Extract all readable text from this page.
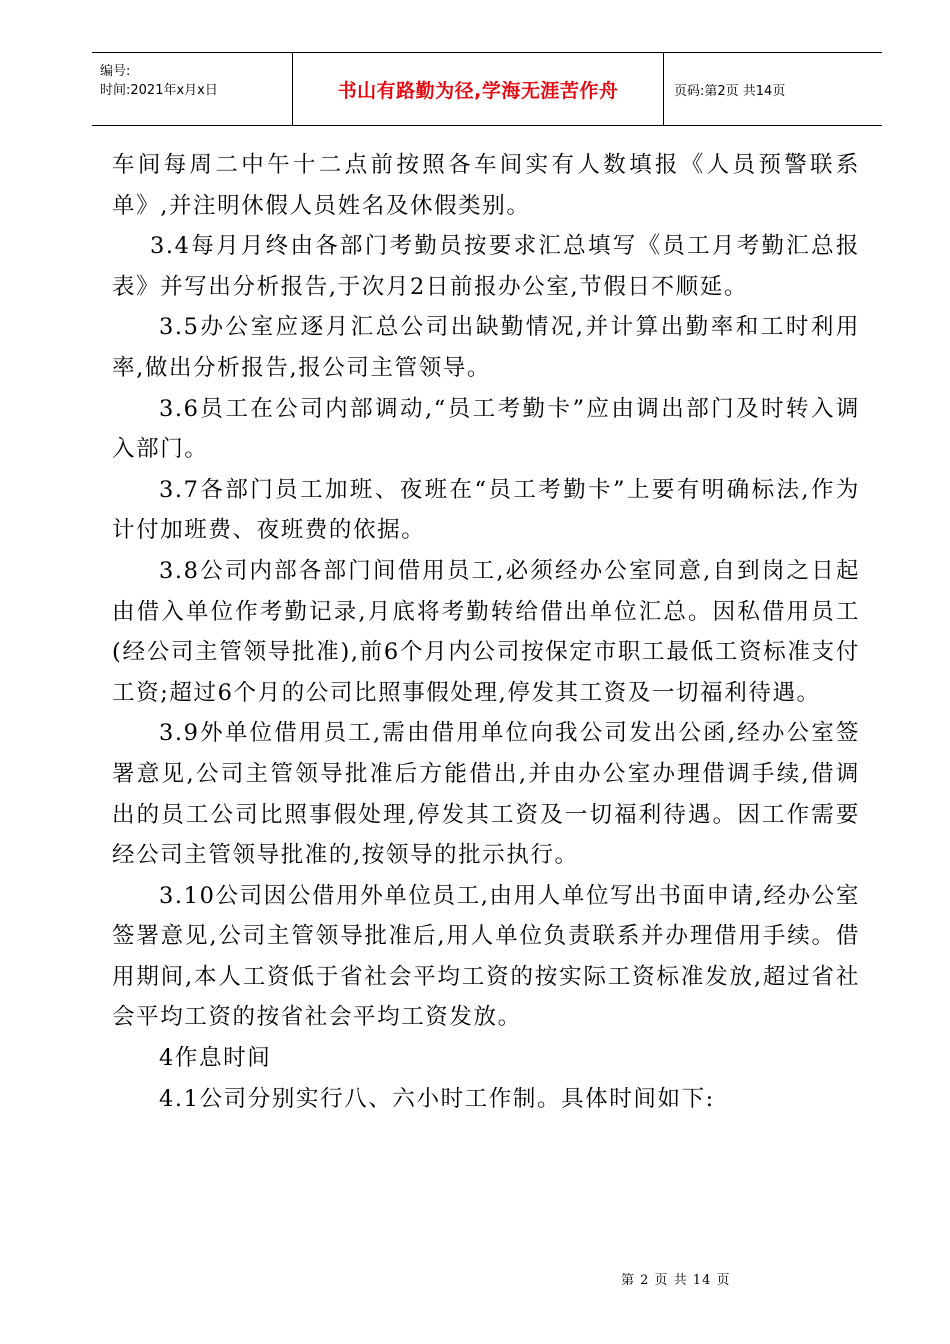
编号:
时间:2021年x月x日	书山有路勤为径,学海无涯苦作舟	页码:第2页 共14页

车间每周二中午十二点前按照各车间实有人数填报《人员预警联系单》,并注明休假人员姓名及休假类别。

3.4每月月终由各部门考勤员按要求汇总填写《员工月考勤汇总报表》并写出分析报告,于次月2日前报办公室,节假日不顺延。

3.5办公室应逐月汇总公司出缺勤情况,并计算出勤率和工时利用率,做出分析报告,报公司主管领导。

3.6员工在公司内部调动,“员工考勤卡”应由调出部门及时转入调入部门。

3.7各部门员工加班、夜班在“员工考勤卡”上要有明确标法,作为计付加班费、夜班费的依据。

3.8公司内部各部门间借用员工,必须经办公室同意,自到岗之日起由借入单位作考勤记录,月底将考勤转给借出单位汇总。因私借用员工(经公司主管领导批准),前6个月内公司按保定市职工最低工资标准支付工资;超过6个月的公司比照事假处理,停发其工资及一切福利待遇。

3.9外单位借用员工,需由借用单位向我公司发出公函,经办公室签署意见,公司主管领导批准后方能借出,并由办公室办理借调手续,借调出的员工公司比照事假处理,停发其工资及一切福利待遇。因工作需要经公司主管领导批准的,按领导的批示执行。

3.10公司因公借用外单位员工,由用人单位写出书面申请,经办公室签署意见,公司主管领导批准后,用人单位负责联系并办理借用手续。借用期间,本人工资低于省社会平均工资的按实际工资标准发放,超过省社会平均工资的按省社会平均工资发放。

4作息时间

4.1公司分别实行八、六小时工作制。具体时间如下:

第 2 页 共 14 页
